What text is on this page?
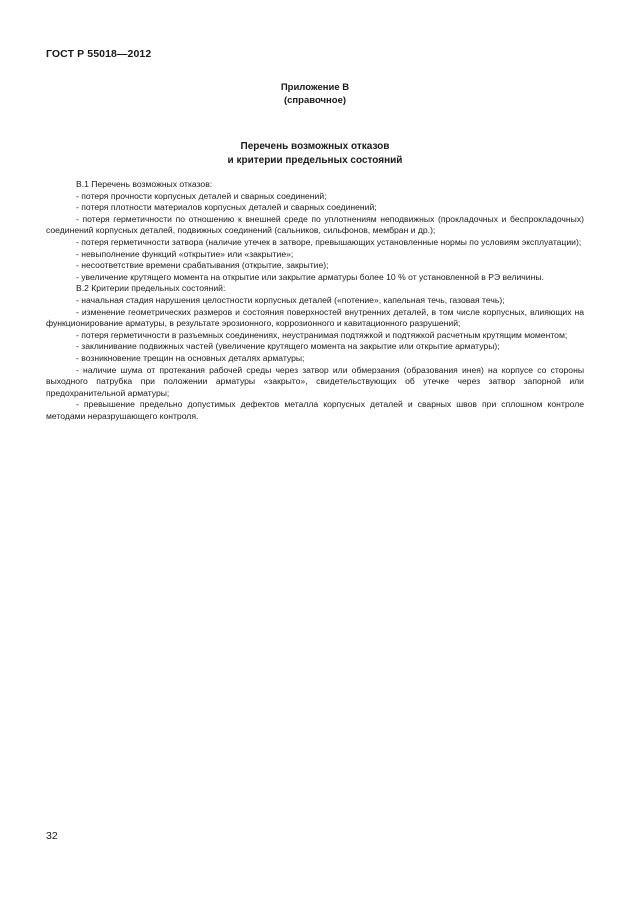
ГОСТ Р 55018—2012
Приложение В
(справочное)
Перечень возможных отказов
и критерии предельных состояний

В.1 Перечень возможных отказов:

- потеря прочности корпусных деталей и сварных соединений;

- потеря плотности материалов корпусных деталей и сварных соединений;

- потеря герметичности по отношению к внешней среде по уплотнениям неподвижных (прокладочных и беспрокладочных) соединений корпусных деталей, подвижных соединений (сальников, сильфонов, мембран и др.);

- потеря герметичности затвора (наличие утечек в затворе, превышающих установленные нормы по условиям эксплуатации);

- невыполнение функций «открытие» или «закрытие»;

- несоответствие времени срабатывания (открытие, закрытие);

- увеличение крутящего момента на открытие или закрытие арматуры более 10 % от установленной в РЭ величины.

В.2 Критерии предельных состояний:

- начальная стадия нарушения целостности корпусных деталей («потение», капельная течь, газовая течь);

- изменение геометрических размеров и состояния поверхностей внутренних деталей, в том числе корпусных, влияющих на функционирование арматуры, в результате эрозионного, коррозионного и кавитационного разрушений;

- потеря герметичности в разъемных соединениях, неустранимая подтяжкой и подтяжкой расчетным крутящим моментом;

- заклинивание подвижных частей (увеличение крутящего момента на закрытие или открытие арматуры);

- возникновение трещин на основных деталях арматуры;

- наличие шума от протекания рабочей среды через затвор или обмерзания (образования инея) на корпусе со стороны выходного патрубка при положении арматуры «закрыто», свидетельствующих об утечке через затвор запорной или предохранительной арматуры;

- превышение предельно допустимых дефектов металла корпусных деталей и сварных швов при сплошном контроле методами неразрушающего контроля.

32
